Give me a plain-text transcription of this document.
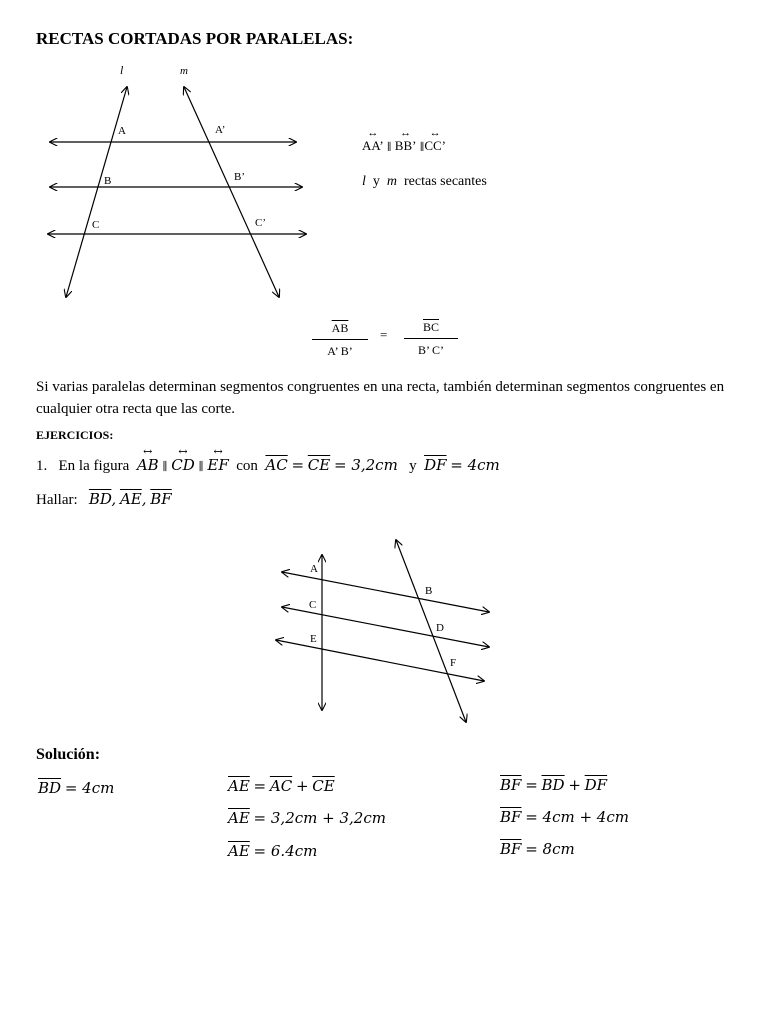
RECTAS CORTADAS POR PARALELAS:
l	m
A	A’
B	B’
C	C’
↔ AA’ ∥ ↔ BB’ ∥↔ CC’
l y m rectas secantes
$\overline{AB}$
A’ B’
=	$\overline{BC}$
B’ C’
Si varias paralelas determinan segmentos congruentes en una recta, también determinan segmentos congruentes en cualquier otra recta que las corte.
EJERCICIOS:
1. En la figura ↔ AB ∥ ↔ CD ∥ ↔ EF con $\overline{AC} = \overline{CE} = 3,2cm$ y $\overline{DF} = 4cm$
Hallar: $\overline{BD}$, $\overline{AE}$, $\overline{BF}$
A
B
C
D
E
F
Solución:
$\overline{BD} = 4cm$	$\overline{AE} = \overline{AC} + \overline{CE}$
$\overline{AE} = 3,2cm + 3,2cm$
$\overline{AE} = 6.4cm$
$\overline{BF} = \overline{BD} + \overline{DF}$
$\overline{BF} = 4cm + 4cm$
$\overline{BF} = 8cm$
